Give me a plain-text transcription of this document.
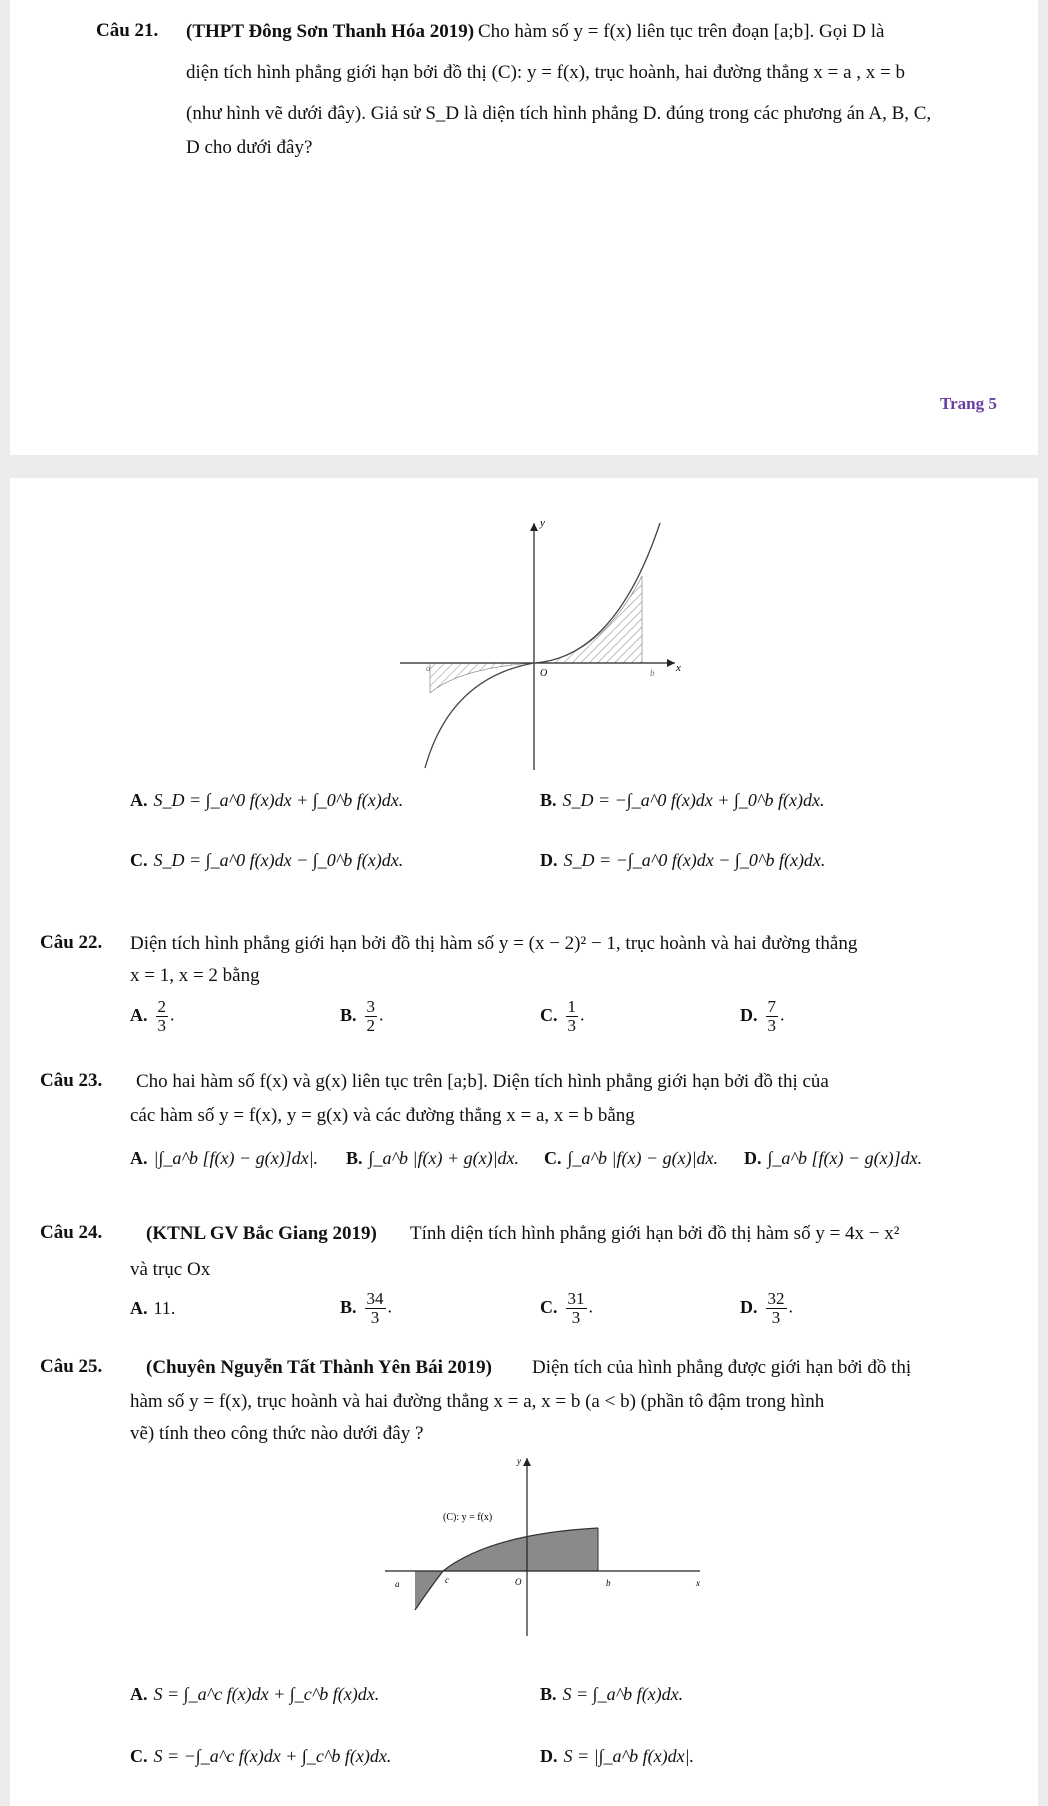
Câu 21. (THPT Đông Sơn Thanh Hóa 2019) Cho hàm số y = f(x) liên tục trên đoạn [a;b]. Gọi D là
diện tích hình phẳng giới hạn bởi đồ thị (C): y = f(x), trục hoành, hai đường thẳng x = a , x = b
(như hình vẽ dưới đây). Giả sử S_D là diện tích hình phẳng D. đúng trong các phương án A, B, C,
D cho dưới đây?
Trang 5
y
x
O
a	b
A. S_D = ∫_a^0 f(x)dx + ∫_0^b f(x)dx.	B. S_D = −∫_a^0 f(x)dx + ∫_0^b f(x)dx.
C. S_D = ∫_a^0 f(x)dx − ∫_0^b f(x)dx.	D. S_D = −∫_a^0 f(x)dx − ∫_0^b f(x)dx.
Câu 22. Diện tích hình phẳng giới hạn bởi đồ thị hàm số y = (x − 2)² − 1, trục hoành và hai đường thẳng
x = 1, x = 2 bằng
A. $\frac{2}{3}$ .	B. $\frac{3}{2}$ .	C. $\frac{1}{3}$ .	D. $\frac{7}{3}$ .
Câu 23. Cho hai hàm số f(x) và g(x) liên tục trên [a;b]. Diện tích hình phẳng giới hạn bởi đồ thị của
các hàm số y = f(x), y = g(x) và các đường thẳng x = a, x = b bằng
A. |∫_a^b [f(x) − g(x)]dx|. B. ∫_a^b |f(x) + g(x)|dx. C. ∫_a^b |f(x) − g(x)|dx. D. ∫_a^b [f(x) − g(x)]dx.
Câu 24. (KTNL GV Bắc Giang 2019) Tính diện tích hình phẳng giới hạn bởi đồ thị hàm số y = 4x − x²
và trục Ox
A. 11.	B. $\frac{34}{3}$ .	C. $\frac{31}{3}$ .	D. $\frac{32}{3}$ .
Câu 25. (Chuyên Nguyễn Tất Thành Yên Bái 2019) Diện tích của hình phẳng được giới hạn bởi đồ thị
hàm số y = f(x), trục hoành và hai đường thẳng x = a, x = b (a < b) (phần tô đậm trong hình
vẽ) tính theo công thức nào dưới đây ?
y
x
O
a	c	b
(C): y = f(x)
A. S = ∫_a^c f(x)dx + ∫_c^b f(x)dx.	B. S = ∫_a^b f(x)dx.
C. S = −∫_a^c f(x)dx + ∫_c^b f(x)dx.	D. S = |∫_a^b f(x)dx|.
